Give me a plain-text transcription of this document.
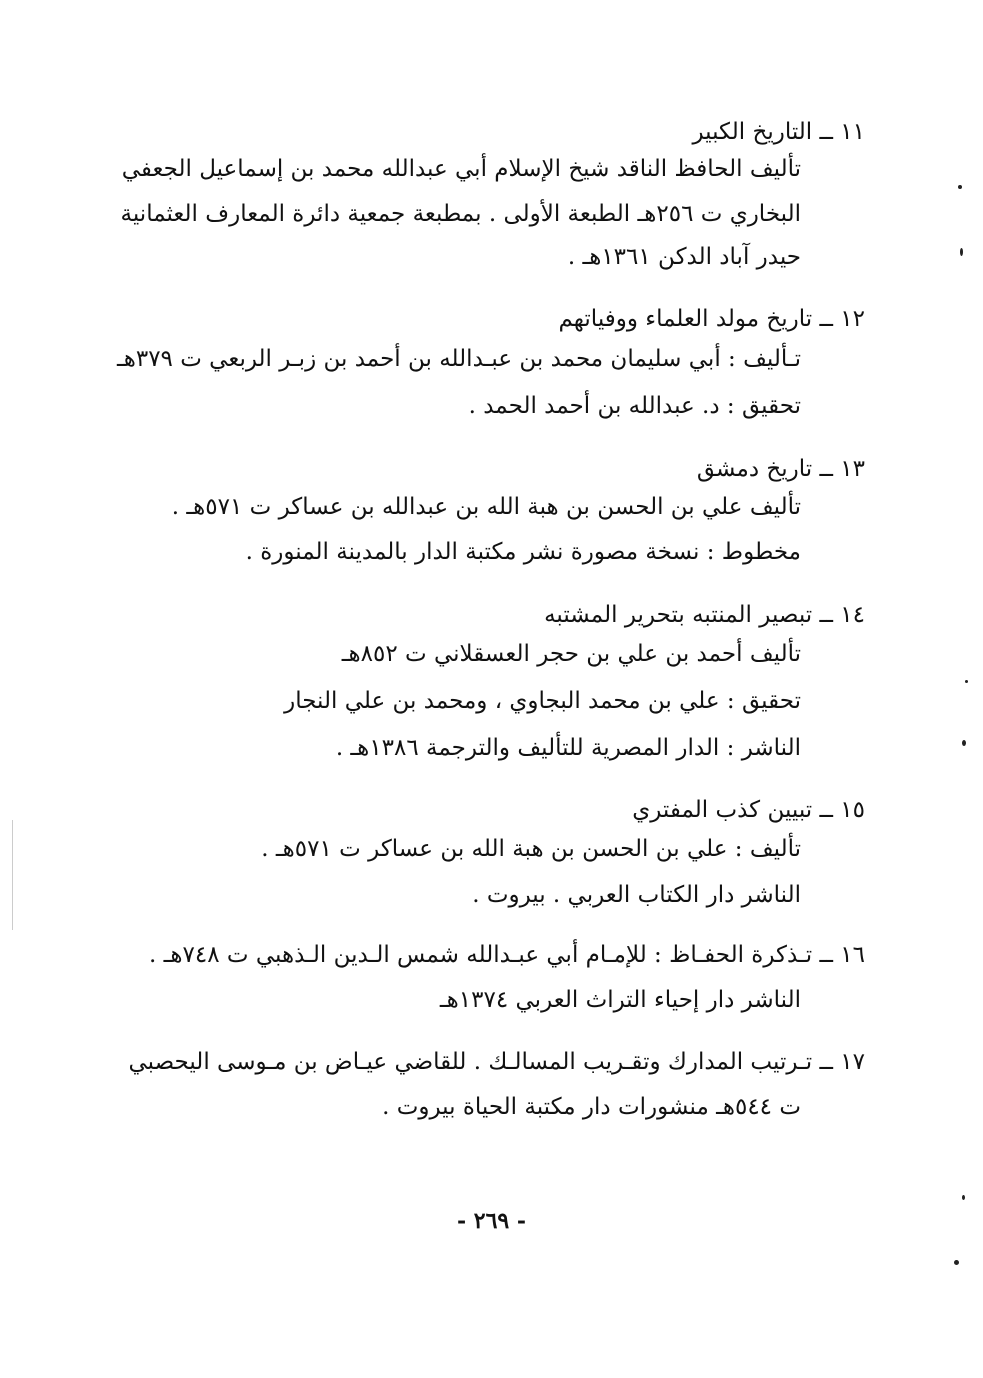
١١ ــ التاريخ الكبير
تأليف الحافظ الناقد شيخ الإسلام أبي عبدالله محمد بن إسماعيل الجعفي
البخاري ت ٢٥٦هـ الطبعة الأولى . بمطبعة جمعية دائرة المعارف العثمانية
حيدر آباد الدكن ١٣٦١هـ .
١٢ ــ تاريخ مولد العلماء ووفياتهم
تـأليف : أبي سليمان محمد بن عبـدالله بن أحمد بن زبـر الربعي ت ٣٧٩هـ
تحقيق : د. عبدالله بن أحمد الحمد .
١٣ ــ تاريخ دمشق
تأليف علي بن الحسن بن هبة الله بن عبدالله بن عساكر ت ٥٧١هـ .
مخطوط : نسخة مصورة نشر مكتبة الدار بالمدينة المنورة .
١٤ ــ تبصير المنتبه بتحرير المشتبه
تأليف أحمد بن علي بن حجر العسقلاني ت ٨٥٢هـ
تحقيق : علي بن محمد البجاوي ، ومحمد بن علي النجار
الناشر : الدار المصرية للتأليف والترجمة ١٣٨٦هـ .
١٥ ــ تبيين كذب المفتري
تأليف : علي بن الحسن بن هبة الله بن عساكر ت ٥٧١هـ .
الناشر دار الكتاب العربي . بيروت .
١٦ ــ تـذكرة الحفـاظ : للإمـام أبي عبـدالله شمس الـدين الـذهبي ت ٧٤٨هـ .
الناشر دار إحياء التراث العربي ١٣٧٤هـ
١٧ ــ تـرتيب المدارك وتقـريب المسالـك . للقاضي عيـاض بن مـوسى اليحصبي
ت ٥٤٤هـ منشورات دار مكتبة الحياة بيروت .
- ٢٦٩ -
